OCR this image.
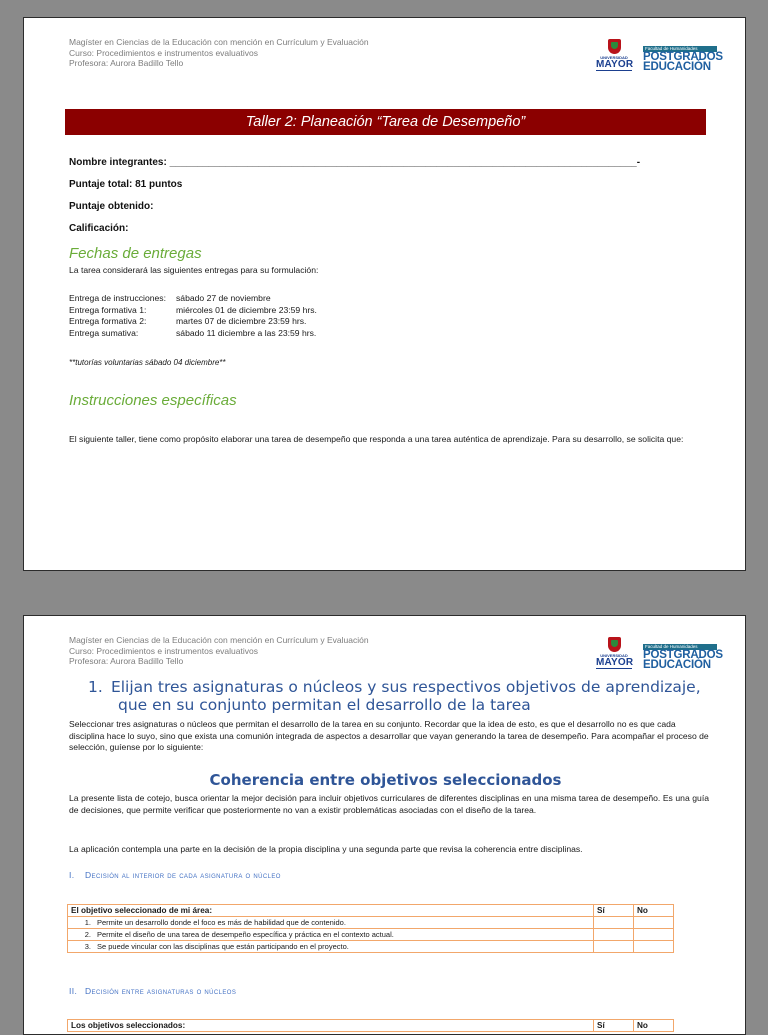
Magíster en Ciencias de la Educación con mención en Currículum y Evaluación
Curso: Procedimientos e instrumentos evaluativos
Profesora: Aurora Badillo Tello
UNIVERSIDAD
MAYOR
Facultad de Humanidades
POSTGRADOS
EDUCACIÓN
Taller 2: Planeación “Tarea de Desempeño”
Nombre integrantes: ____________________________________________________________________________________-
Puntaje total: 81 puntos
Puntaje obtenido:
Calificación:
Fechas de entregas
La tarea considerará las siguientes entregas para su formulación:
Entrega de instrucciones:	sábado 27 de noviembre
Entrega formativa 1:	miércoles 01 de diciembre 23:59 hrs.
Entrega formativa 2:	martes 07 de diciembre 23:59 hrs.
Entrega sumativa:	sábado 11 diciembre a las 23:59 hrs.
**tutorías voluntarias sábado 04 diciembre**
Instrucciones específicas
El siguiente taller, tiene como propósito elaborar una tarea de desempeño que responda a una tarea auténtica de aprendizaje. Para su desarrollo, se solicita que:
Magíster en Ciencias de la Educación con mención en Currículum y Evaluación
Curso: Procedimientos e instrumentos evaluativos
Profesora: Aurora Badillo Tello
UNIVERSIDAD
MAYOR
Facultad de Humanidades
POSTGRADOS
EDUCACIÓN
1. Elijan tres asignaturas o núcleos y sus respectivos objetivos de aprendizaje,
que en su conjunto permitan el desarrollo de la tarea
Seleccionar tres asignaturas o núcleos que permitan el desarrollo de la tarea en su conjunto. Recordar que la idea de esto, es que el desarrollo no es que cada disciplina hace lo suyo, sino que exista una comunión integrada de aspectos a desarrollar que vayan generando la tarea de desempeño. Para acompañar el proceso de selección, guíense por lo siguiente:
Coherencia entre objetivos seleccionados
La presente lista de cotejo, busca orientar la mejor decisión para incluir objetivos curriculares de diferentes disciplinas en una misma tarea de desempeño. Es una guía de decisiones, que permite verificar que posteriormente no van a existir problemáticas asociadas con el diseño de la tarea.
La aplicación contempla una parte en la decisión de la propia disciplina y una segunda parte que revisa la coherencia entre disciplinas.
I. Decisión al interior de cada asignatura o núcleo
El objetivo seleccionado de mi área:		Sí	No
1.	Permite un desarrollo donde el foco es más de habilidad que de contenido.		
2.	Permite el diseño de una tarea de desempeño específica y práctica en el contexto actual.		
3.	Se puede vincular con las disciplinas que están participando en el proyecto.		
II. Decisión entre asignaturas o núcleos
Los objetivos seleccionados:	Sí	No
